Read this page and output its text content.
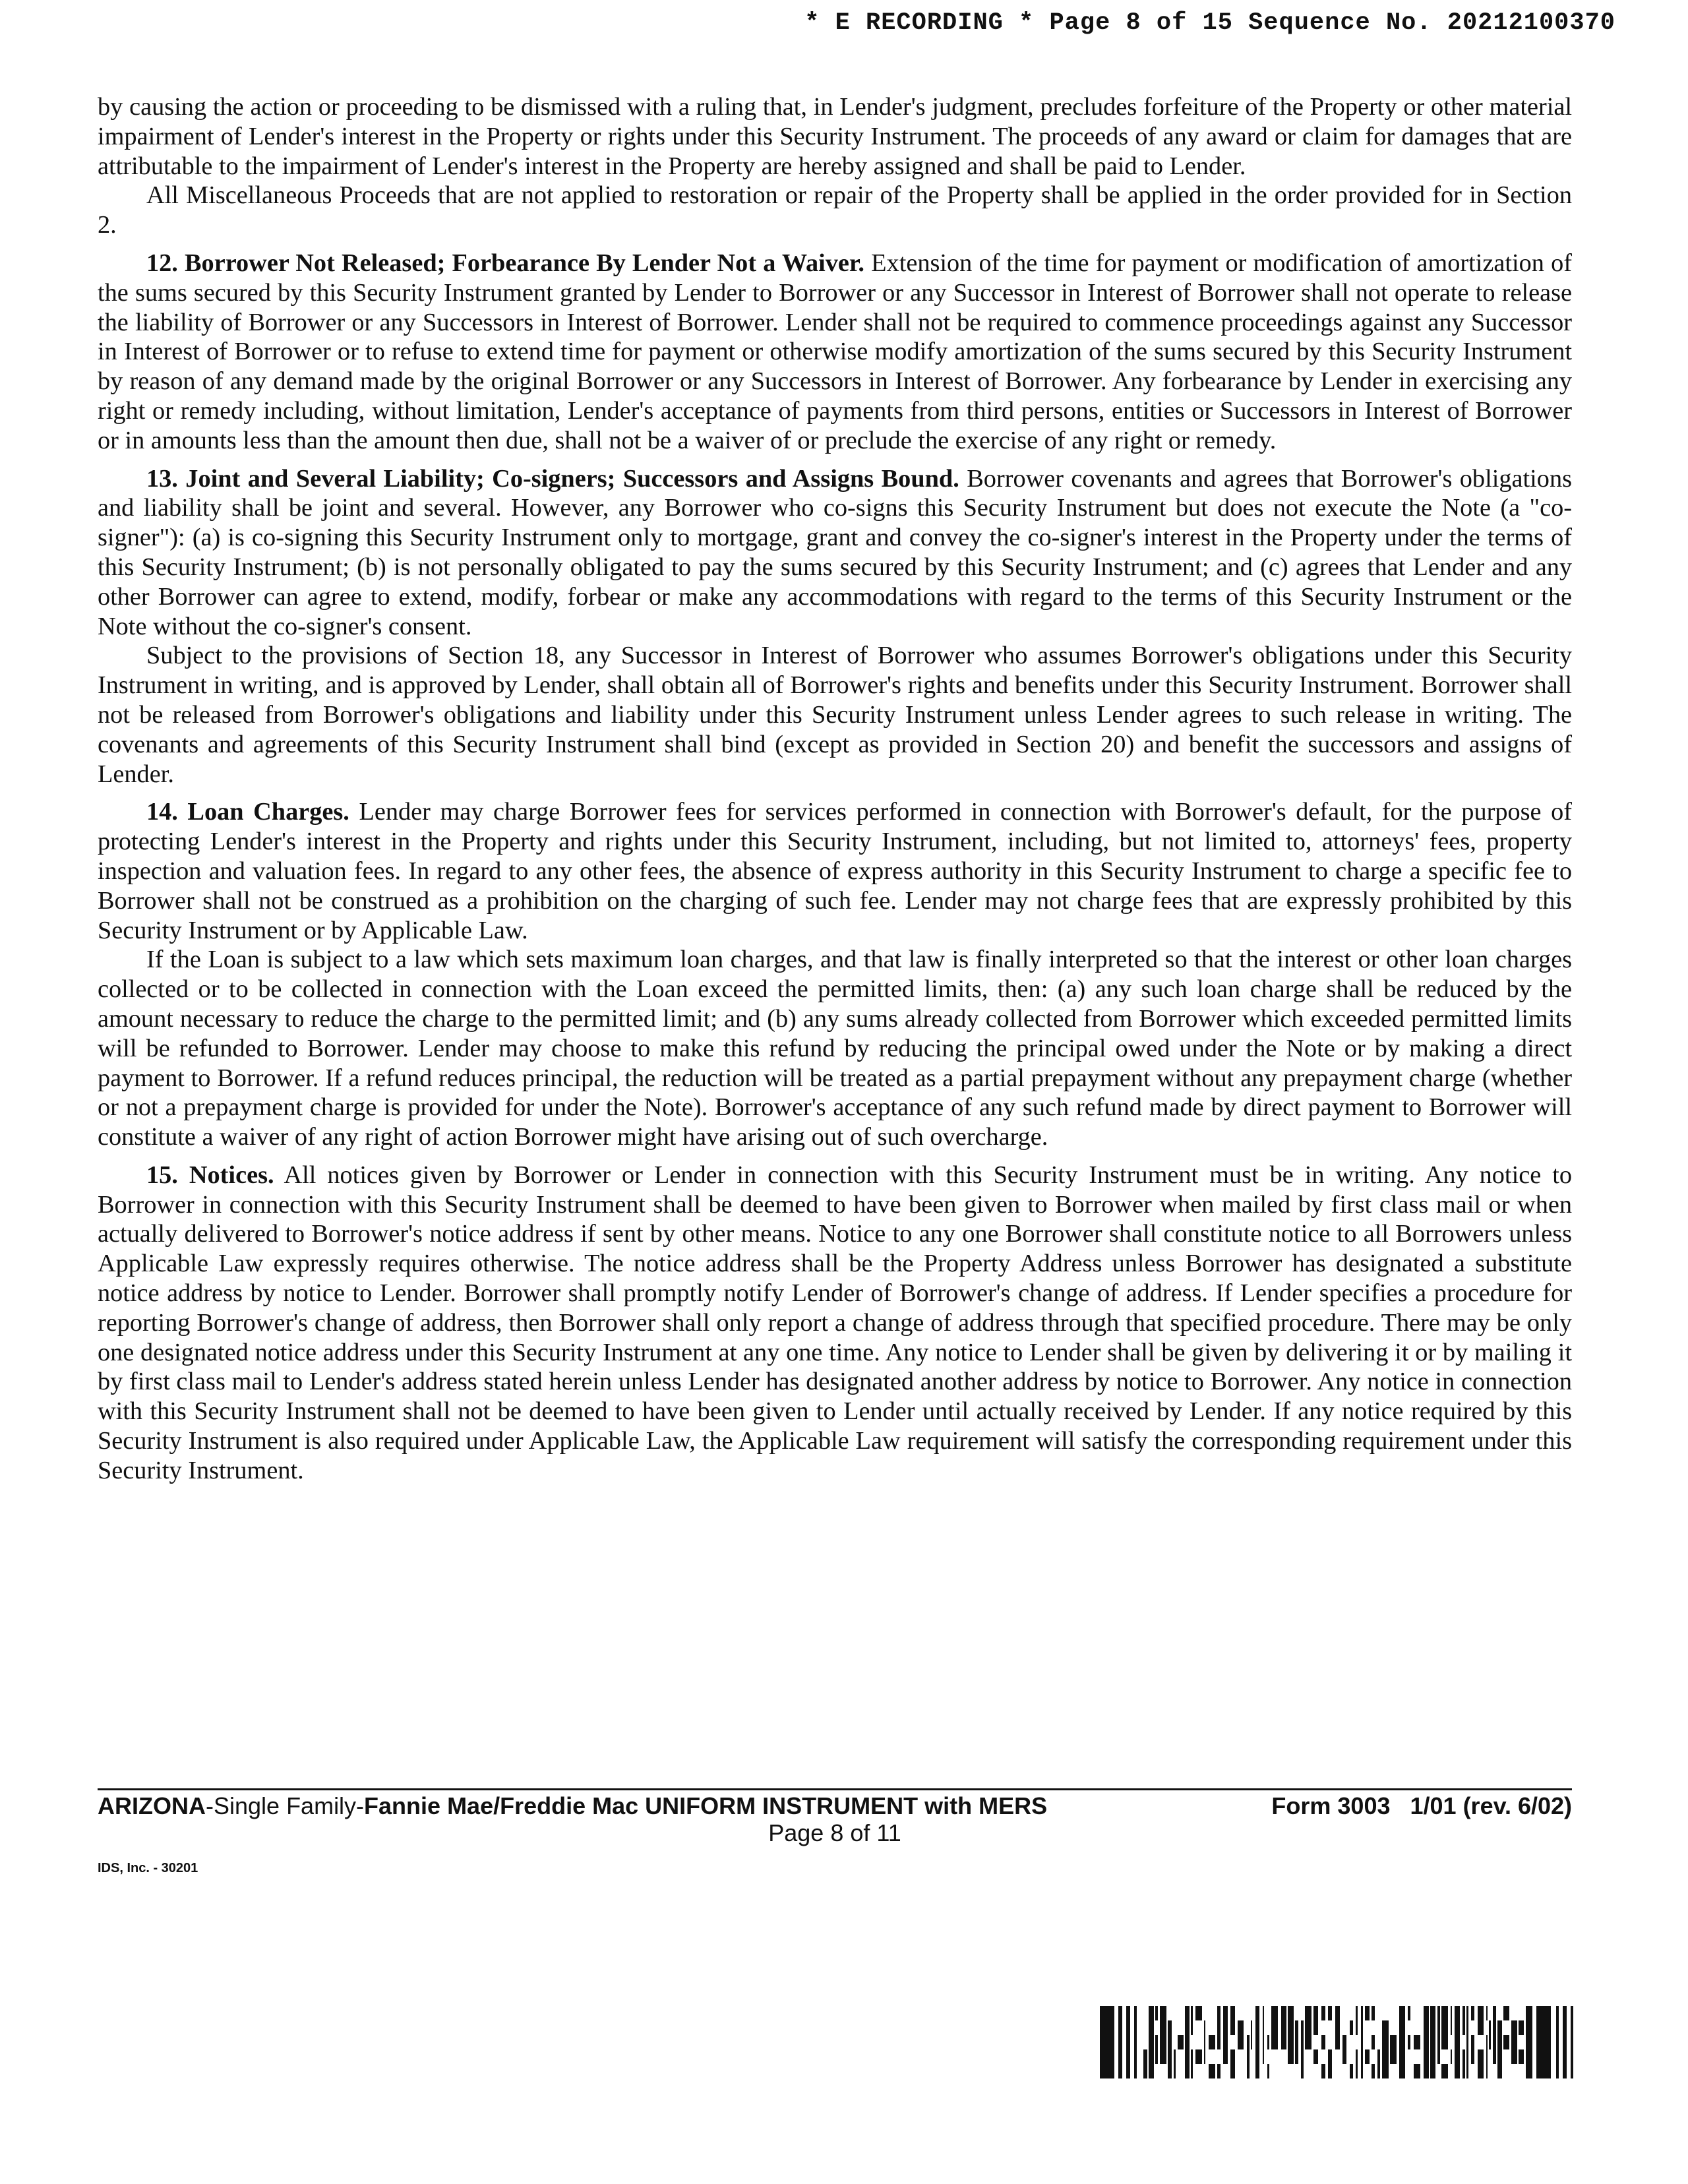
* E RECORDING * Page 8 of 15 Sequence No. 20212100370

by causing the action or proceeding to be dismissed with a ruling that, in Lender's judgment, precludes forfeiture of the Property or other material impairment of Lender's interest in the Property or rights under this Security Instrument. The proceeds of any award or claim for damages that are attributable to the impairment of Lender's interest in the Property are hereby assigned and shall be paid to Lender.

All Miscellaneous Proceeds that are not applied to restoration or repair of the Property shall be applied in the order provided for in Section 2.

12. Borrower Not Released; Forbearance By Lender Not a Waiver. Extension of the time for payment or modification of amortization of the sums secured by this Security Instrument granted by Lender to Borrower or any Successor in Interest of Borrower shall not operate to release the liability of Borrower or any Successors in Interest of Borrower. Lender shall not be required to commence proceedings against any Successor in Interest of Borrower or to refuse to extend time for payment or otherwise modify amortization of the sums secured by this Security Instrument by reason of any demand made by the original Borrower or any Successors in Interest of Borrower. Any forbearance by Lender in exercising any right or remedy including, without limitation, Lender's acceptance of payments from third persons, entities or Successors in Interest of Borrower or in amounts less than the amount then due, shall not be a waiver of or preclude the exercise of any right or remedy.

13. Joint and Several Liability; Co-signers; Successors and Assigns Bound. Borrower covenants and agrees that Borrower's obligations and liability shall be joint and several. However, any Borrower who co-signs this Security Instrument but does not execute the Note (a "co-signer"): (a) is co-signing this Security Instrument only to mortgage, grant and convey the co-signer's interest in the Property under the terms of this Security Instrument; (b) is not personally obligated to pay the sums secured by this Security Instrument; and (c) agrees that Lender and any other Borrower can agree to extend, modify, forbear or make any accommodations with regard to the terms of this Security Instrument or the Note without the co-signer's consent.

Subject to the provisions of Section 18, any Successor in Interest of Borrower who assumes Borrower's obligations under this Security Instrument in writing, and is approved by Lender, shall obtain all of Borrower's rights and benefits under this Security Instrument. Borrower shall not be released from Borrower's obligations and liability under this Security Instrument unless Lender agrees to such release in writing. The covenants and agreements of this Security Instrument shall bind (except as provided in Section 20) and benefit the successors and assigns of Lender.

14. Loan Charges. Lender may charge Borrower fees for services performed in connection with Borrower's default, for the purpose of protecting Lender's interest in the Property and rights under this Security Instrument, including, but not limited to, attorneys' fees, property inspection and valuation fees. In regard to any other fees, the absence of express authority in this Security Instrument to charge a specific fee to Borrower shall not be construed as a prohibition on the charging of such fee. Lender may not charge fees that are expressly prohibited by this Security Instrument or by Applicable Law.

If the Loan is subject to a law which sets maximum loan charges, and that law is finally interpreted so that the interest or other loan charges collected or to be collected in connection with the Loan exceed the permitted limits, then: (a) any such loan charge shall be reduced by the amount necessary to reduce the charge to the permitted limit; and (b) any sums already collected from Borrower which exceeded permitted limits will be refunded to Borrower. Lender may choose to make this refund by reducing the principal owed under the Note or by making a direct payment to Borrower. If a refund reduces principal, the reduction will be treated as a partial prepayment without any prepayment charge (whether or not a prepayment charge is provided for under the Note). Borrower's acceptance of any such refund made by direct payment to Borrower will constitute a waiver of any right of action Borrower might have arising out of such overcharge.

15. Notices. All notices given by Borrower or Lender in connection with this Security Instrument must be in writing. Any notice to Borrower in connection with this Security Instrument shall be deemed to have been given to Borrower when mailed by first class mail or when actually delivered to Borrower's notice address if sent by other means. Notice to any one Borrower shall constitute notice to all Borrowers unless Applicable Law expressly requires otherwise. The notice address shall be the Property Address unless Borrower has designated a substitute notice address by notice to Lender. Borrower shall promptly notify Lender of Borrower's change of address. If Lender specifies a procedure for reporting Borrower's change of address, then Borrower shall only report a change of address through that specified procedure. There may be only one designated notice address under this Security Instrument at any one time. Any notice to Lender shall be given by delivering it or by mailing it by first class mail to Lender's address stated herein unless Lender has designated another address by notice to Borrower. Any notice in connection with this Security Instrument shall not be deemed to have been given to Lender until actually received by Lender. If any notice required by this Security Instrument is also required under Applicable Law, the Applicable Law requirement will satisfy the corresponding requirement under this Security Instrument.

ARIZONA-Single Family-Fannie Mae/Freddie Mac UNIFORM INSTRUMENT with MERS	Form 3003   1/01 (rev. 6/02)
Page 8 of 11
IDS, Inc. - 30201
